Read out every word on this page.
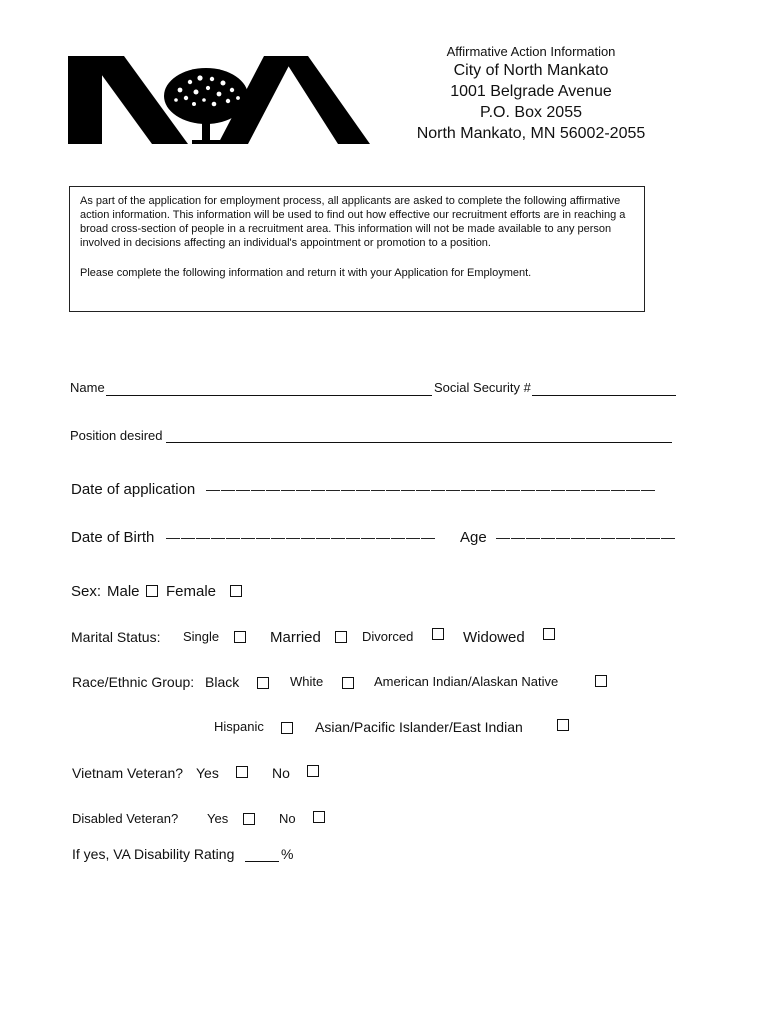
Affirmative Action Information
City of North Mankato
1001 Belgrade Avenue
P.O. Box 2055
North Mankato, MN 56002-2055

As part of the application for employment process, all applicants are asked to complete the following affirmative action information. This information will be used to find out how effective our recruitment efforts are in reaching a broad cross-section of people in a recruitment area. This information will not be made available to any person involved in decisions affecting an individual's appointment or promotion to a position.

Please complete the following information and return it with your Application for Employment.

Name	Social Security #
Position desired
Date of application ——————————————————————————————
Date of Birth ——————————————————	Age ————————————
Sex: Male Female
Marital Status: Single	Married	Divorced	Widowed
Race/Ethnic Group: Black	White	American Indian/Alaskan Native
Hispanic	Asian/Pacific Islander/East Indian
Vietnam Veteran? Yes	No
Disabled Veteran? Yes	No
If yes, VA Disability Rating	%
